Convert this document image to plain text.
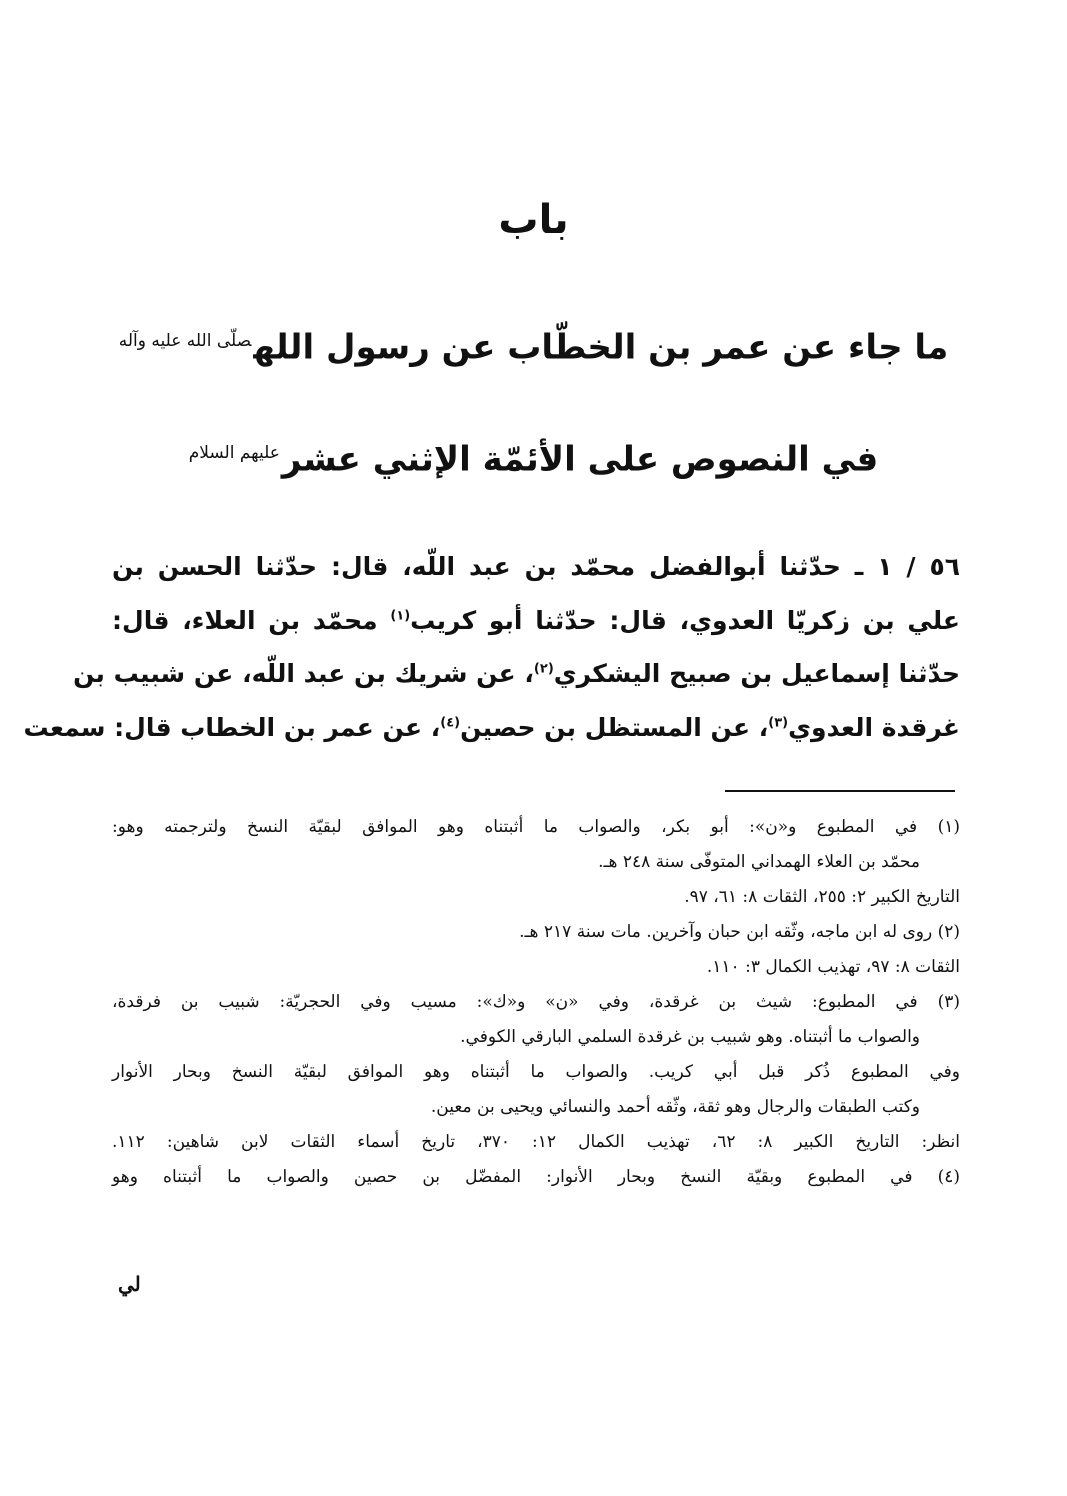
باب
ما جاء عن عمر بن الخطّاب عن رسول الله$^{صلّى الله عليه وآله}$
في النصوص على الأئمّة الإثني عشر$^{عليهم السلام}$
٥٦ / ١ ـ حدّثنا أبوالفضل محمّد بن عبد اللّه، قال: حدّثنا الحسن بن
علي بن زكريّا العدوي، قال: حدّثنا أبو كريب$^{(١)}$ محمّد بن العلاء، قال:
حدّثنا إسماعيل بن صبيح اليشكري$^{(٢)}$، عن شريك بن عبد اللّه، عن شبيب بن
غرقدة العدوي$^{(٣)}$، عن المستظل بن حصين$^{(٤)}$، عن عمر بن الخطاب قال: سمعت
(١) في المطبوع و«ن»: أبو بكر، والصواب ما أثبتناه وهو الموافق لبقيّة النسخ ولترجمته وهو:
محمّد بن العلاء الهمداني المتوفّى سنة ٢٤٨ هـ.
التاريخ الكبير ٢: ٢٥٥، الثقات ٨: ٦١، ٩٧.
(٢) روى له ابن ماجه، وثّقه ابن حبان وآخرين. مات سنة ٢١٧ هـ.
الثقات ٨: ٩٧، تهذيب الكمال ٣: ١١٠.
(٣) في المطبوع: شيث بن غرقدة، وفي «ن» و«ك»: مسيب وفي الحجريّة: شبيب بن فرقدة،
والصواب ما أثبتناه. وهو شبيب بن غرقدة السلمي البارقي الكوفي.
وفي المطبوع ذُكر قبل أبي كريب. والصواب ما أثبتناه وهو الموافق لبقيّة النسخ وبحار الأنوار
وكتب الطبقات والرجال وهو ثقة، وثّقه أحمد والنسائي ويحيى بن معين.
انظر: التاريخ الكبير ٨: ٦٢، تهذيب الكمال ١٢: ٣٧٠، تاريخ أسماء الثقات لابن شاهين: ١١٢.
(٤) في المطبوع وبقيّة النسخ وبحار الأنوار: المفضّل بن حصين والصواب ما أثبتناه وهو
لي
